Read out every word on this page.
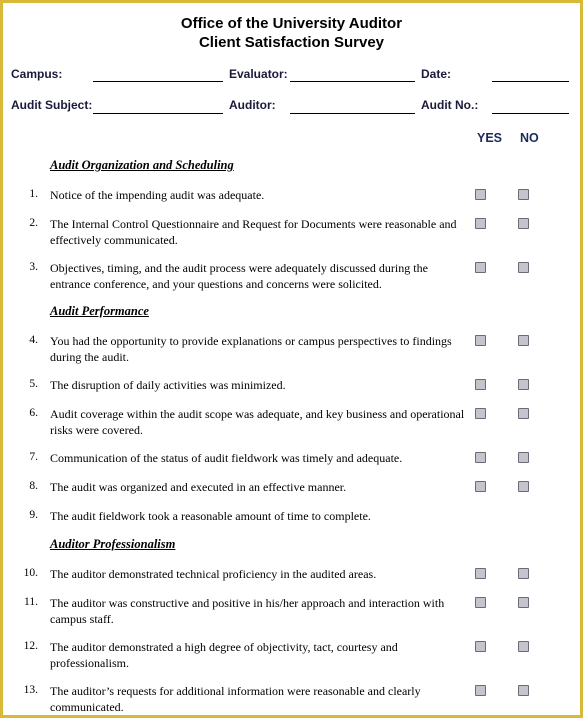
Office of the University Auditor
Client Satisfaction Survey
Campus:	Evaluator:	Date:
Audit Subject:	Auditor:	Audit No.:
YES NO
Audit Organization and Scheduling
1. Notice of the impending audit was adequate.
2. The Internal Control Questionnaire and Request for Documents were reasonable and effectively communicated.
3. Objectives, timing, and the audit process were adequately discussed during the entrance conference, and your questions and concerns were solicited.
Audit Performance
4. You had the opportunity to provide explanations or campus perspectives to findings during the audit.
5. The disruption of daily activities was minimized.
6. Audit coverage within the audit scope was adequate, and key business and operational risks were covered.
7. Communication of the status of audit fieldwork was timely and adequate.
8. The audit was organized and executed in an effective manner.
9. The audit fieldwork took a reasonable amount of time to complete.
Auditor Professionalism
10. The auditor demonstrated technical proficiency in the audited areas.
11. The auditor was constructive and positive in his/her approach and interaction with campus staff.
12. The auditor demonstrated a high degree of objectivity, tact, courtesy and professionalism.
13. The auditor’s requests for additional information were reasonable and clearly communicated.
